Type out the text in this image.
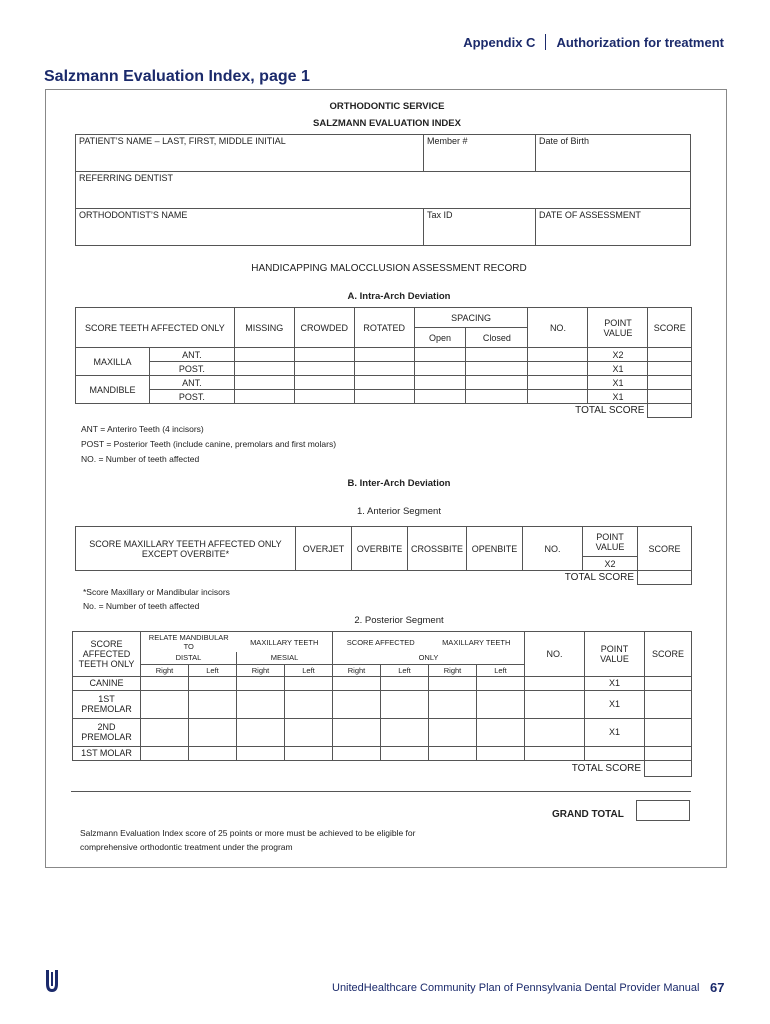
Appendix C Authorization for treatment
Salzmann Evaluation Index, page 1
ORTHODONTIC SERVICE
SALZMANN EVALUATION INDEX
PATIENT’S NAME – LAST, FIRST, MIDDLE INITIAL	Member #	Date of Birth
REFERRING DENTIST		
ORTHODONTIST’S NAME	Tax ID	DATE OF ASSESSMENT
HANDICAPPING MALOCCLUSION ASSESSMENT RECORD
A. Intra-Arch Deviation
SCORE TEETH AFFECTED ONLY		MISSING	CROWDED	ROTATED	SPACING		NO.	POINT VALUE	SCORE
					Open	Closed			
MAXILLA	ANT.							X2	
	POST.							X1	
MANDIBLE	ANT.							X1	
	POST.							X1	
TOTAL SCORE									
ANT = Anteriro Teeth (4 incisors)
POST = Posterior Teeth (include canine, premolars and first molars)
NO. = Number of teeth affected
B. Inter-Arch Deviation
1. Anterior Segment
SCORE MAXILLARY TEETH AFFECTED ONLY EXCEPT OVERBITE*	OVERJET	OVERBITE	CROSSBITE	OPENBITE	NO.	POINT VALUE	SCORE
						X2	
TOTAL SCORE							
*Score Maxillary or Mandibular incisors
No. = Number of teeth affected
2. Posterior Segment
SCORE AFFECTED TEETH ONLY	RELATE MANDIBULAR TO		MAXILLARY TEETH		SCORE AFFECTED		MAXILLARY TEETH		NO.	POINT VALUE	SCORE
	DISTAL		MESIAL		ONLY						
	Right	Left	Right	Left	Right	Left	Right	Left			
CANINE										X1	
1ST PREMOLAR										X1	
2ND PREMOLAR										X1	
1ST MOLAR											
TOTAL SCORE											
GRAND TOTAL
Salzmann Evaluation Index score of 25 points or more must be achieved to be eligible for
comprehensive orthodontic treatment under the program
UnitedHealthcare Community Plan of Pennsylvania Dental Provider Manual 67
